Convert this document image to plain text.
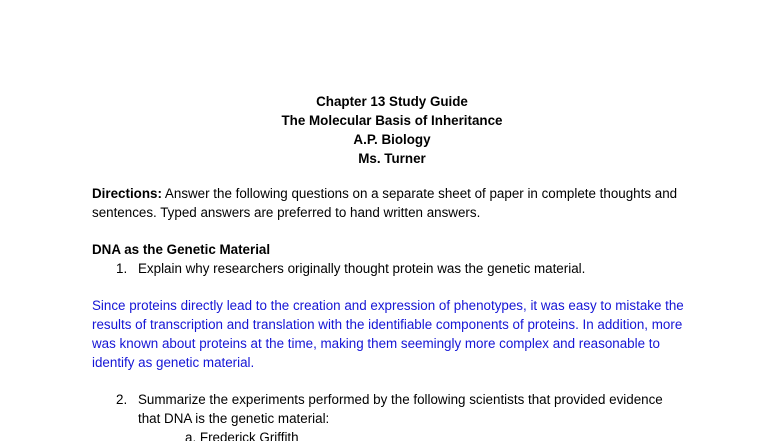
Chapter 13 Study Guide
The Molecular Basis of Inheritance
A.P. Biology
Ms. Turner
Directions: Answer the following questions on a separate sheet of paper in complete thoughts and sentences. Typed answers are preferred to hand written answers.
DNA as the Genetic Material
1. Explain why researchers originally thought protein was the genetic material.
Since proteins directly lead to the creation and expression of phenotypes, it was easy to mistake the results of transcription and translation with the identifiable components of proteins. In addition, more was known about proteins at the time, making them seemingly more complex and reasonable to identify as genetic material.
2. Summarize the experiments performed by the following scientists that provided evidence
that DNA is the genetic material:
a. Frederick Griffith
